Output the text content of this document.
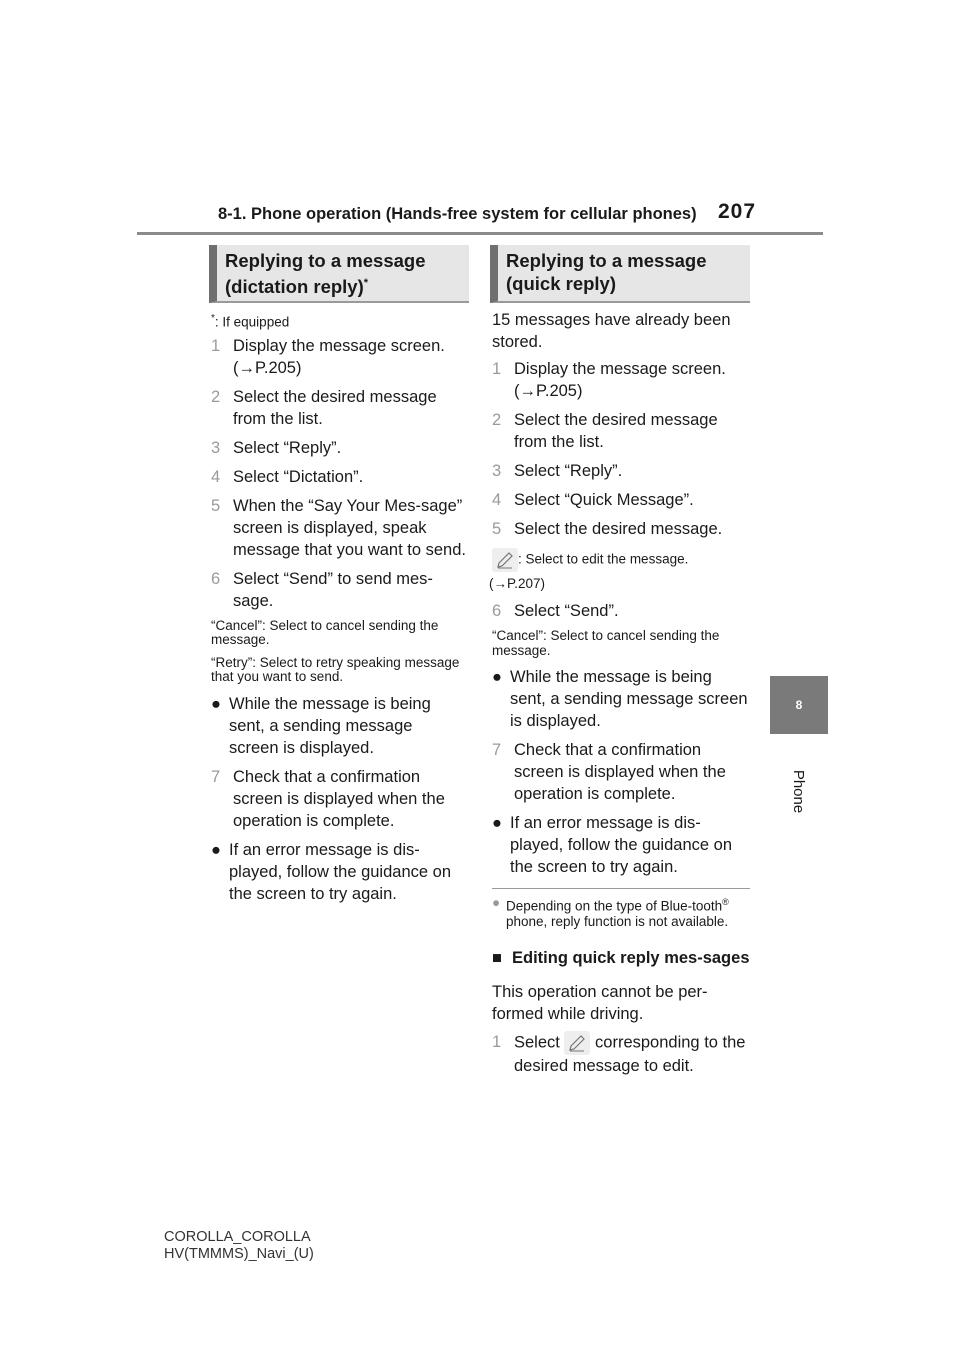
8-1. Phone operation (Hands-free system for cellular phones) 207
8
Phone
Replying to a message
(dictation reply)*
*: If equipped
1 Display the message screen. (→P.205)
2 Select the desired message from the list.
3 Select “Reply”.
4 Select “Dictation”.
5 When the “Say Your Mes-sage” screen is displayed, speak message that you want to send.
6 Select “Send” to send mes-sage.
“Cancel”: Select to cancel sending the message.
“Retry”: Select to retry speaking message that you want to send.
● While the message is being sent, a sending message screen is displayed.
7 Check that a confirmation screen is displayed when the operation is complete.
● If an error message is dis-played, follow the guidance on the screen to try again.
Replying to a message
(quick reply)
15 messages have already been stored.
1 Display the message screen. (→P.205)
2 Select the desired message from the list.
3 Select “Reply”.
4 Select “Quick Message”.
5 Select the desired message.
: Select to edit the message.
(→P.207)
6 Select “Send”.
“Cancel”: Select to cancel sending the message.
● While the message is being sent, a sending message screen is displayed.
7 Check that a confirmation screen is displayed when the operation is complete.
● If an error message is dis-played, follow the guidance on the screen to try again.
● Depending on the type of Blue-tooth® phone, reply function is not available.
■ Editing quick reply mes-sages
This operation cannot be per-formed while driving.
1 Select  corresponding to the desired message to edit.
COROLLA_COROLLA
HV(TMMMS)_Navi_(U)
